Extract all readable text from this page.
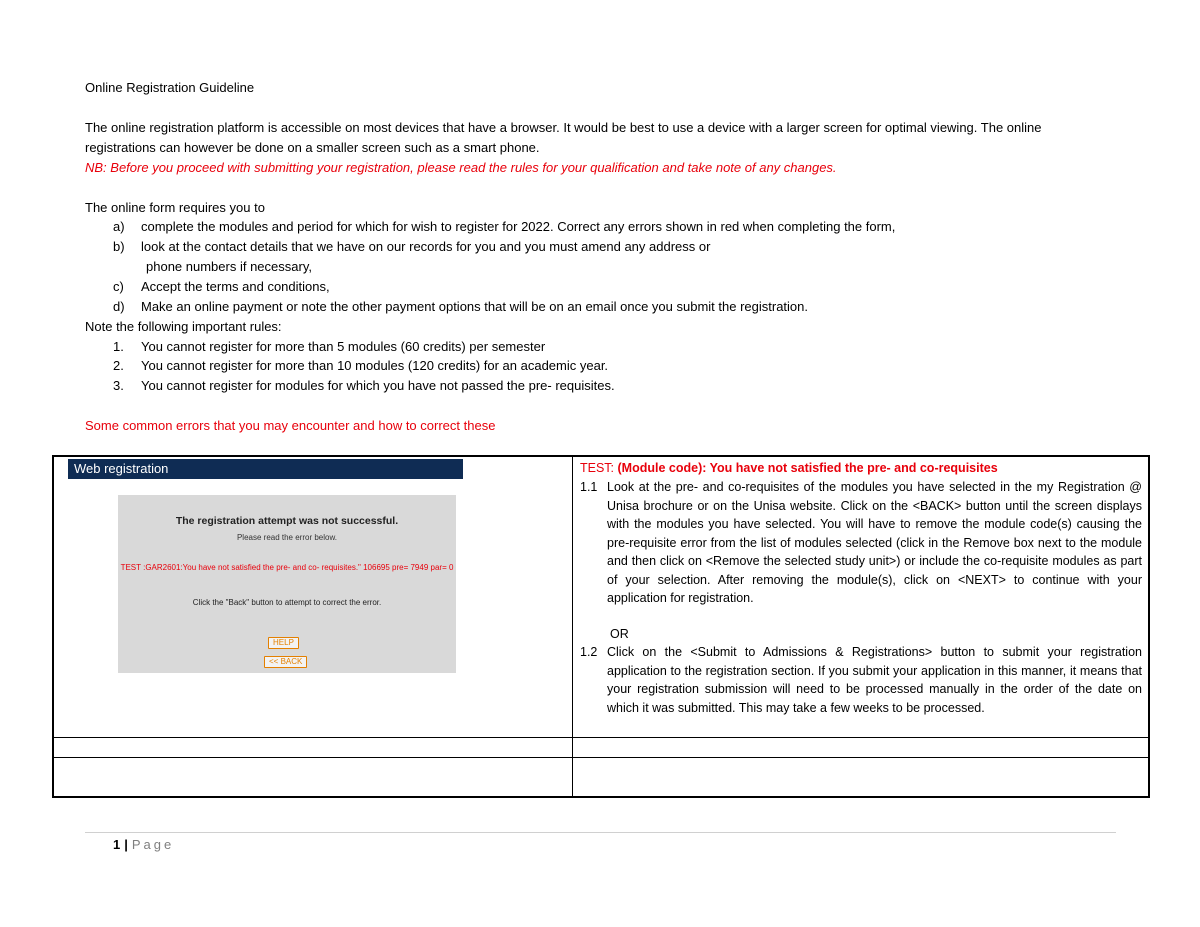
Online Registration Guideline
The online registration platform is accessible on most devices that have a browser. It would be best to use a device with a larger screen for optimal viewing. The online
registrations can however be done on a smaller screen such as a smart phone.
NB: Before you proceed with submitting your registration, please read the rules for your qualification and take note of any changes.
The online form requires you to
a) complete the modules and period for which for wish to register for 2022. Correct any errors shown in red when completing the form,
b) look at the contact details that we have on our records for you and you must amend any address or
phone numbers if necessary,
c) Accept the terms and conditions,
d) Make an online payment or note the other payment options that will be on an email once you submit the registration.
Note the following important rules:
1. You cannot register for more than 5 modules (60 credits) per semester
2. You cannot register for more than 10 modules (120 credits) for an academic year.
3. You cannot register for modules for which you have not passed the pre- requisites.
Some common errors that you may encounter and how to correct these
Web registration
The registration attempt was not successful.
Please read the error below.
TEST :GAR2601:You have not satisfied the pre- and co- requisites." 106695 pre= 7949 par= 0
Click the "Back" button to attempt to correct the error.
HELP
<< BACK
TEST: (Module code): You have not satisfied the pre- and co-requisites
1.1 Look at the pre- and co-requisites of the modules you have selected in the my Registration @ Unisa brochure or on the Unisa website. Click on the <BACK> button until the screen displays with the modules you have selected. You will have to remove the module code(s) causing the pre-requisite error from the list of modules selected (click in the Remove box next to the module and then click on <Remove the selected study unit>) or include the co-requisite modules as part of your selection. After removing the module(s), click on <NEXT> to continue with your application for registration.
OR
1.2 Click on the <Submit to Admissions & Registrations> button to submit your registration application to the registration section. If you submit your application in this manner, it means that your registration submission will need to be processed manually in the order of the date on which it was submitted. This may take a few weeks to be processed.
1 | Page
